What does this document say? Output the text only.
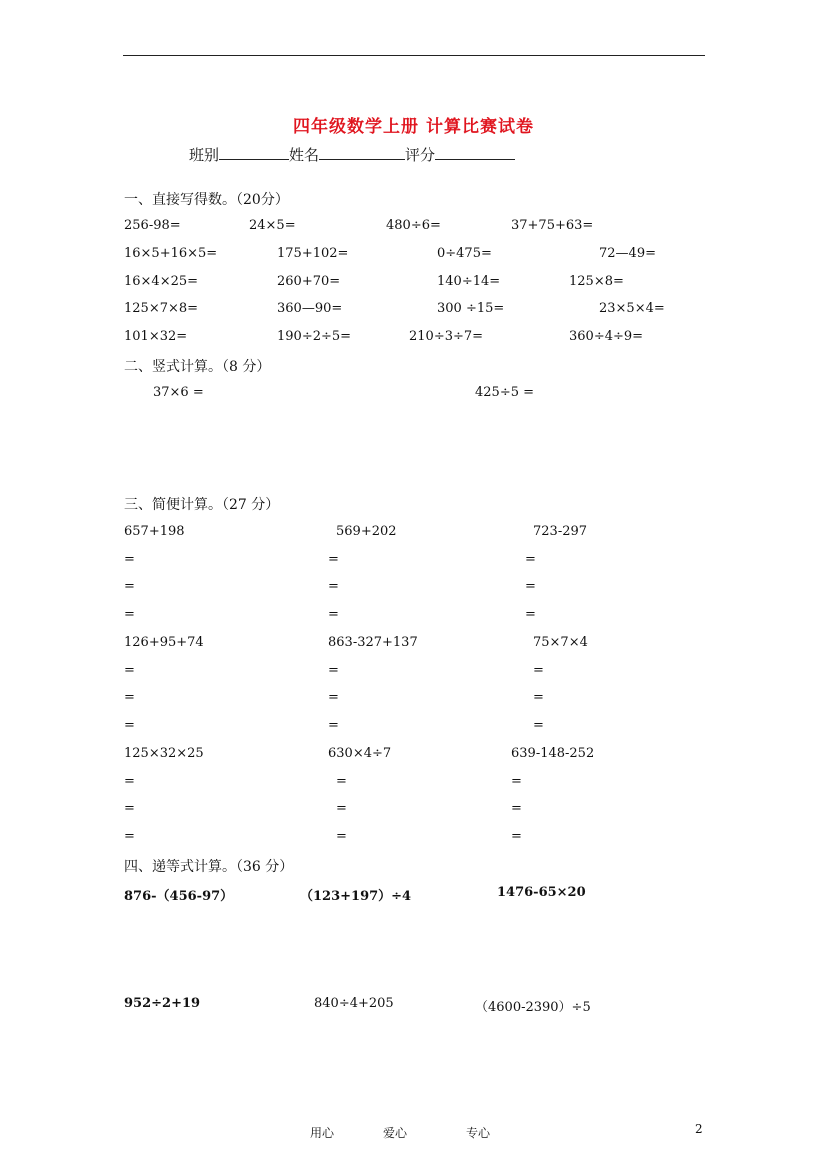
四年级数学上册 计算比赛试卷
班别	姓名	评分
一、直接写得数。（20分）
256-98=	24×5=	480÷6=	37+75+63=
16×5+16×5=	175+102=	0÷475=	72—49=
16×4×25=	260+70=	140÷14=	125×8=
125×7×8=	360—90=	300 ÷15=	23×5×4=
101×32=	190÷2÷5=	210÷3÷7=	360÷4÷9=
二、竖式计算。（8 分）
37×6 =	425÷5 =
三、简便计算。（27 分）
657+198	569+202	723-297
=	=	=
=	=	=
=	=	=
126+95+74	863-327+137	75×7×4
=	=	=
=	=	=
=	=	=
125×32×25	630×4÷7	639-148-252
=	=	=
=	=	=
=	=	=
四、递等式计算。（36 分）
876-（456-97）	（123+197）÷4	1476-65×20
952÷2+19	840÷4+205	（4600-2390）÷5
用心	爱心	专心	2
